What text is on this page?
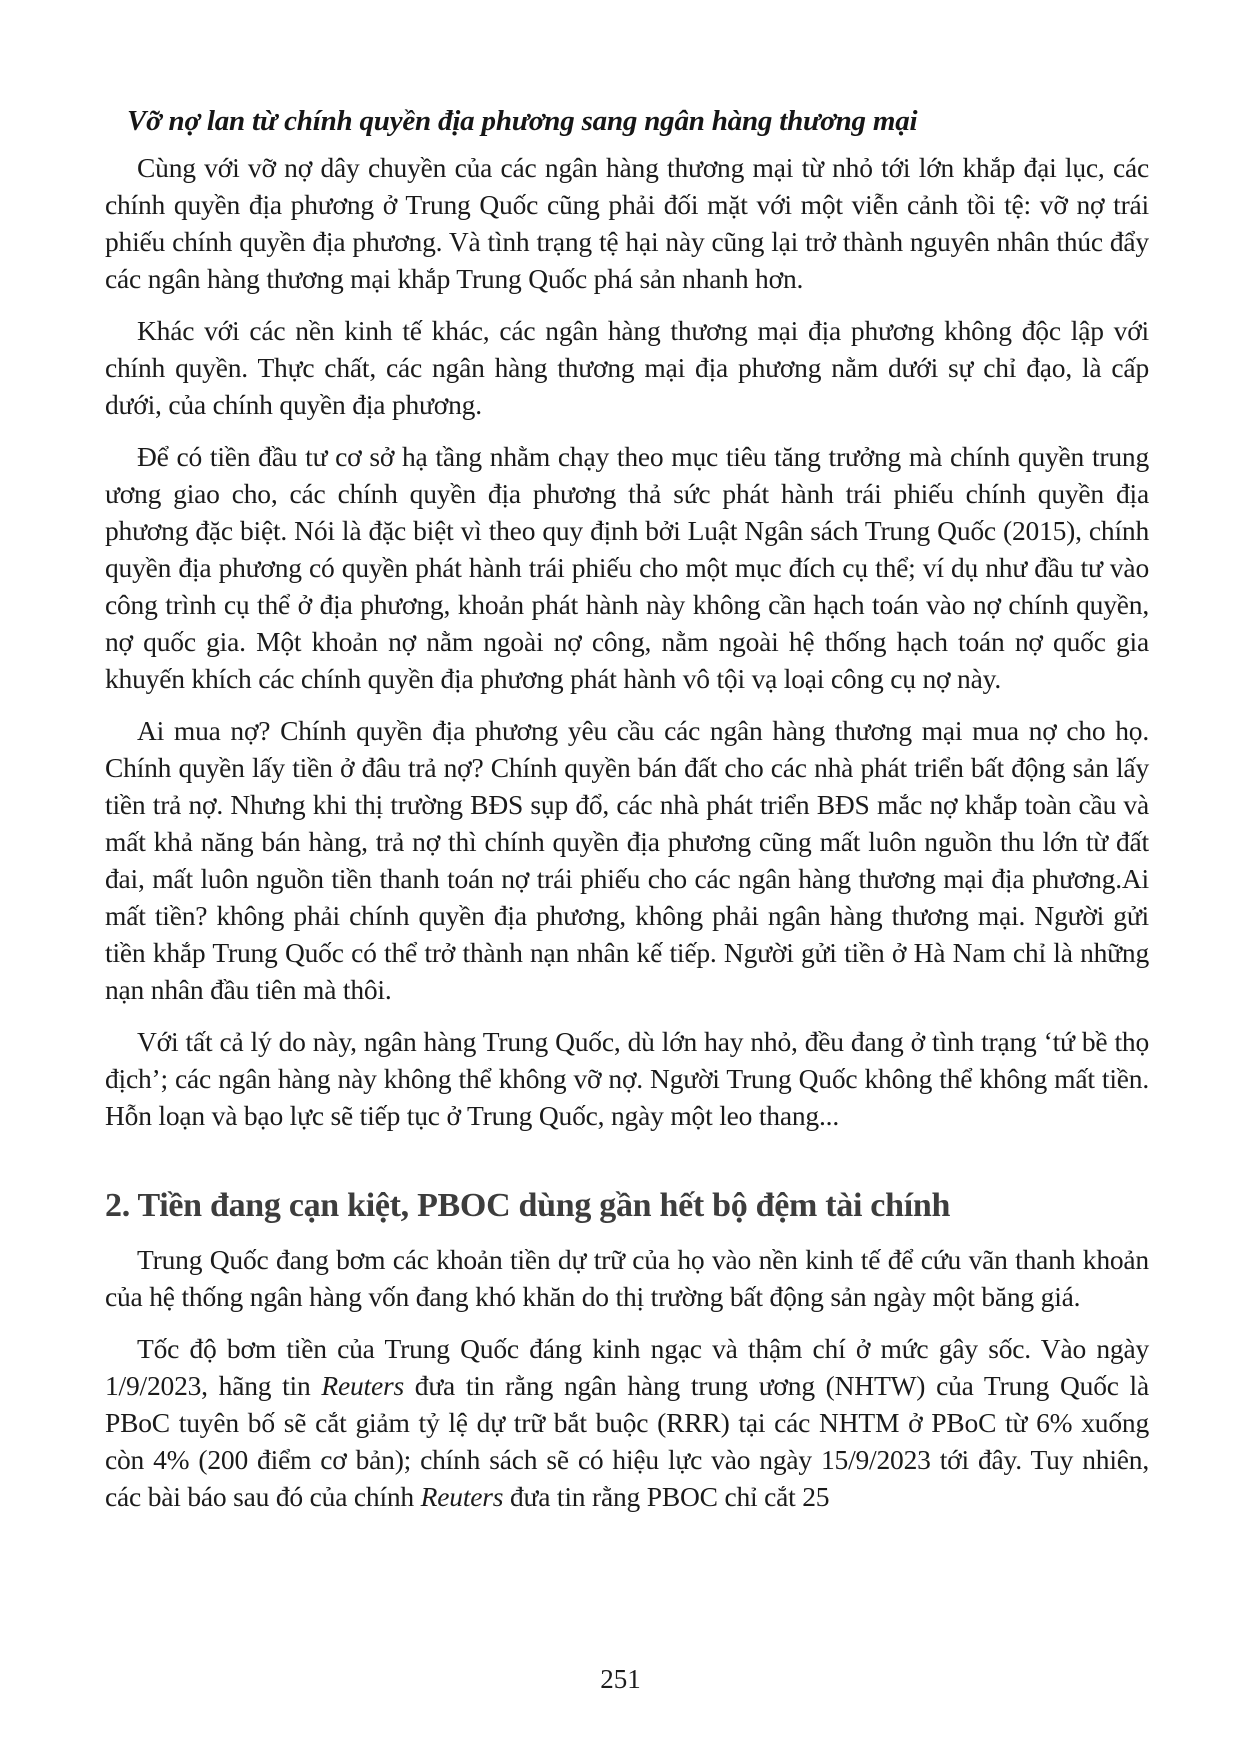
Vỡ nợ lan từ chính quyền địa phương sang ngân hàng thương mại

Cùng với vỡ nợ dây chuyền của các ngân hàng thương mại từ nhỏ tới lớn khắp đại lục, các chính quyền địa phương ở Trung Quốc cũng phải đối mặt với một viễn cảnh tồi tệ: vỡ nợ trái phiếu chính quyền địa phương. Và tình trạng tệ hại này cũng lại trở thành nguyên nhân thúc đẩy các ngân hàng thương mại khắp Trung Quốc phá sản nhanh hơn.

Khác với các nền kinh tế khác, các ngân hàng thương mại địa phương không độc lập với chính quyền. Thực chất, các ngân hàng thương mại địa phương nằm dưới sự chỉ đạo, là cấp dưới, của chính quyền địa phương.

Để có tiền đầu tư cơ sở hạ tầng nhằm chạy theo mục tiêu tăng trưởng mà chính quyền trung ương giao cho, các chính quyền địa phương thả sức phát hành trái phiếu chính quyền địa phương đặc biệt. Nói là đặc biệt vì theo quy định bởi Luật Ngân sách Trung Quốc (2015), chính quyền địa phương có quyền phát hành trái phiếu cho một mục đích cụ thể; ví dụ như đầu tư vào công trình cụ thể ở địa phương, khoản phát hành này không cần hạch toán vào nợ chính quyền, nợ quốc gia. Một khoản nợ nằm ngoài nợ công, nằm ngoài hệ thống hạch toán nợ quốc gia khuyến khích các chính quyền địa phương phát hành vô tội vạ loại công cụ nợ này.

Ai mua nợ? Chính quyền địa phương yêu cầu các ngân hàng thương mại mua nợ cho họ. Chính quyền lấy tiền ở đâu trả nợ? Chính quyền bán đất cho các nhà phát triển bất động sản lấy tiền trả nợ. Nhưng khi thị trường BĐS sụp đổ, các nhà phát triển BĐS mắc nợ khắp toàn cầu và mất khả năng bán hàng, trả nợ thì chính quyền địa phương cũng mất luôn nguồn thu lớn từ đất đai, mất luôn nguồn tiền thanh toán nợ trái phiếu cho các ngân hàng thương mại địa phương.Ai mất tiền? không phải chính quyền địa phương, không phải ngân hàng thương mại. Người gửi tiền khắp Trung Quốc có thể trở thành nạn nhân kế tiếp. Người gửi tiền ở Hà Nam chỉ là những nạn nhân đầu tiên mà thôi.

Với tất cả lý do này, ngân hàng Trung Quốc, dù lớn hay nhỏ, đều đang ở tình trạng ‘tứ bề thọ địch’; các ngân hàng này không thể không vỡ nợ. Người Trung Quốc không thể không mất tiền. Hỗn loạn và bạo lực sẽ tiếp tục ở Trung Quốc, ngày một leo thang...

2. Tiền đang cạn kiệt, PBOC dùng gần hết bộ đệm tài chính

Trung Quốc đang bơm các khoản tiền dự trữ của họ vào nền kinh tế để cứu vãn thanh khoản của hệ thống ngân hàng vốn đang khó khăn do thị trường bất động sản ngày một băng giá.

Tốc độ bơm tiền của Trung Quốc đáng kinh ngạc và thậm chí ở mức gây sốc. Vào ngày 1/9/2023, hãng tin Reuters đưa tin rằng ngân hàng trung ương (NHTW) của Trung Quốc là PBoC tuyên bố sẽ cắt giảm tỷ lệ dự trữ bắt buộc (RRR) tại các NHTM ở PBoC từ 6% xuống còn 4% (200 điểm cơ bản); chính sách sẽ có hiệu lực vào ngày 15/9/2023 tới đây. Tuy nhiên, các bài báo sau đó của chính Reuters đưa tin rằng PBOC chỉ cắt 25

251
